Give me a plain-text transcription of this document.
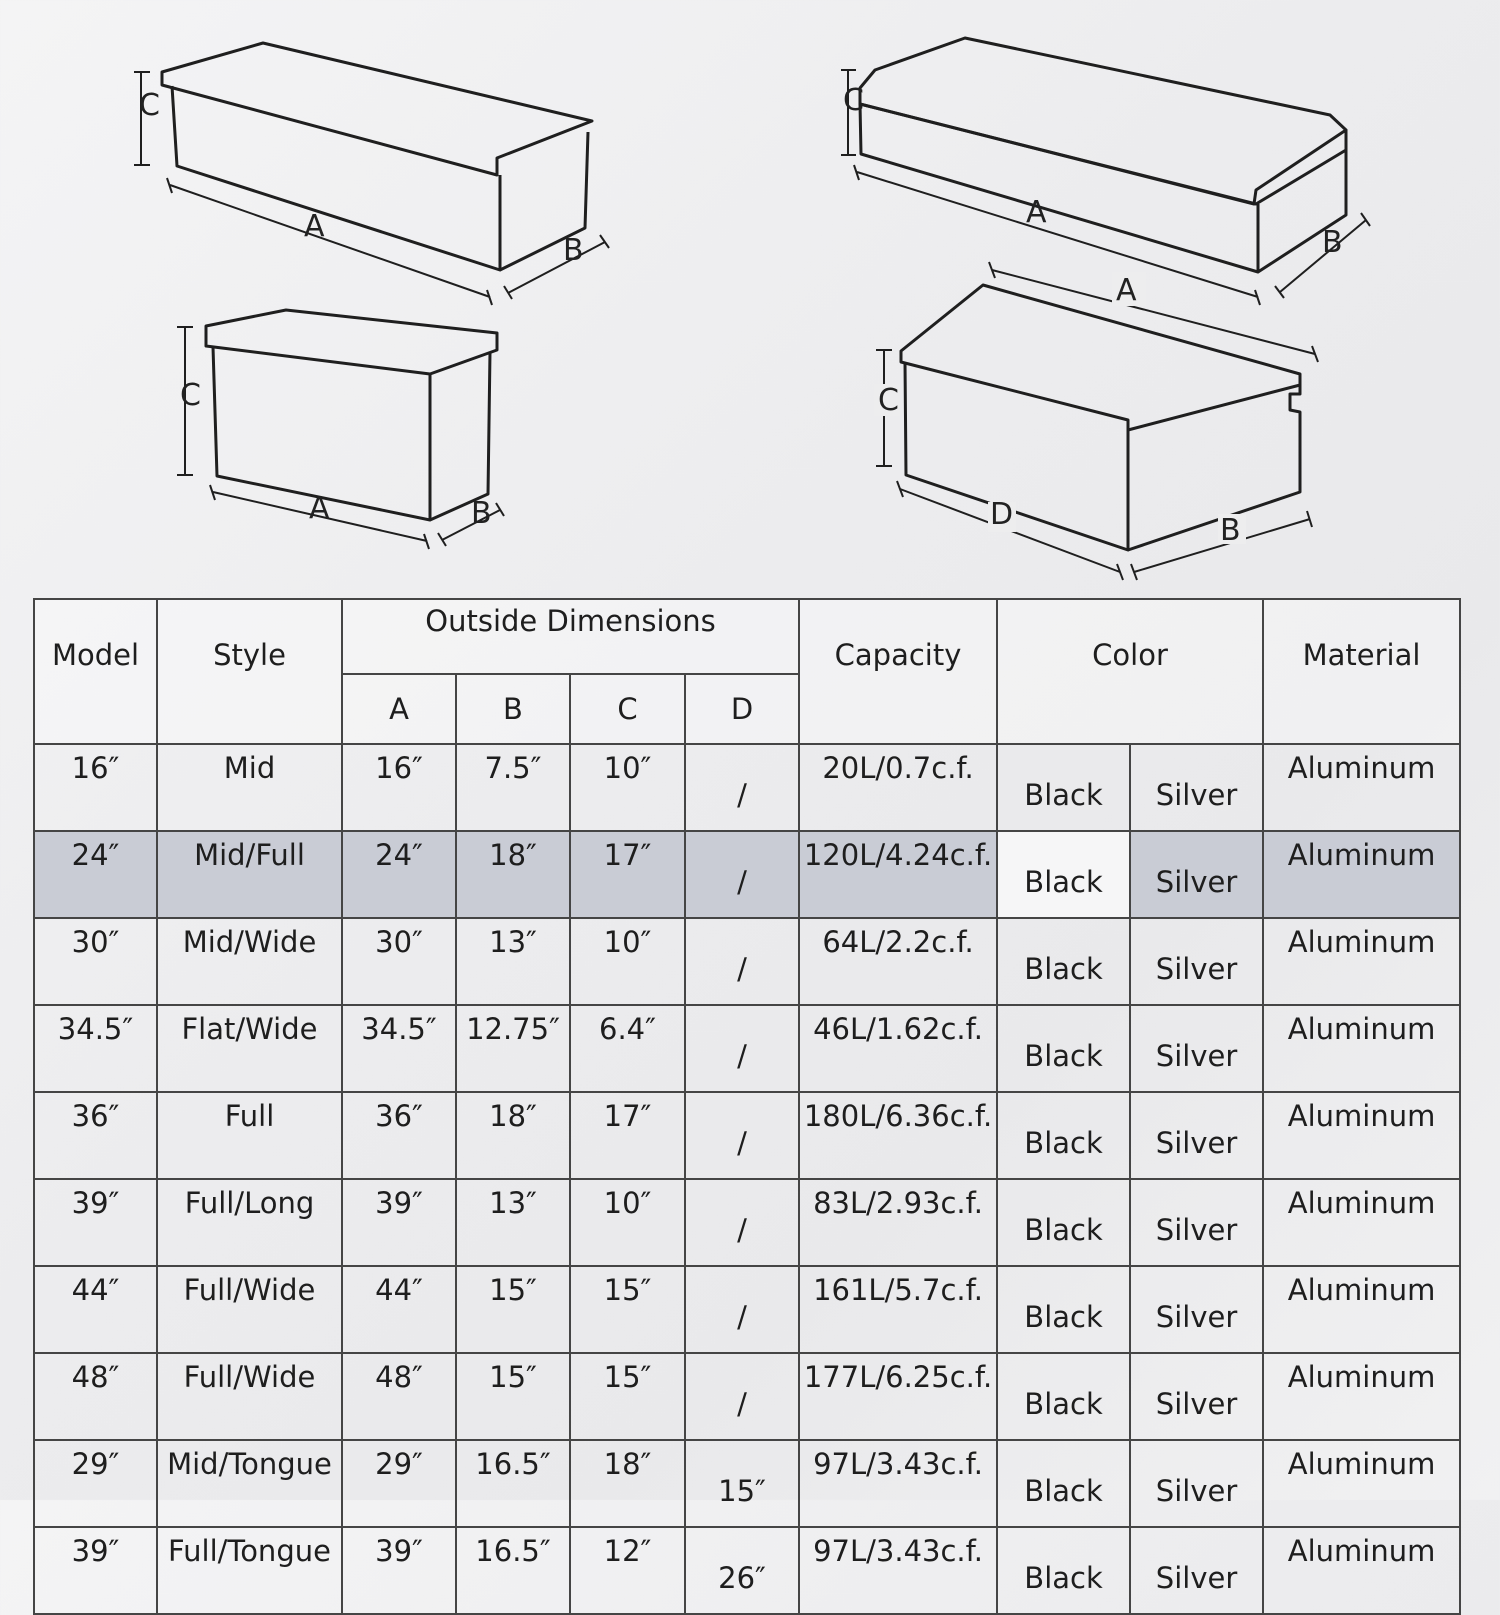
C
A
B
C
A	B
C
A
B
A
C
D	B
Model	Style	Outside Dimensions				Capacity	Color		Material
		A	B	C	D				
16″	Mid	16″	7.5″	10″	/	20L/0.7c.f.	Black	Silver	Aluminum
24″	Mid/Full	24″	18″	17″	/	120L/4.24c.f.	Black	Silver	Aluminum
30″	Mid/Wide	30″	13″	10″	/	64L/2.2c.f.	Black	Silver	Aluminum
34.5″	Flat/Wide	34.5″	12.75″	6.4″	/	46L/1.62c.f.	Black	Silver	Aluminum
36″	Full	36″	18″	17″	/	180L/6.36c.f.	Black	Silver	Aluminum
39″	Full/Long	39″	13″	10″	/	83L/2.93c.f.	Black	Silver	Aluminum
44″	Full/Wide	44″	15″	15″	/	161L/5.7c.f.	Black	Silver	Aluminum
48″	Full/Wide	48″	15″	15″	/	177L/6.25c.f.	Black	Silver	Aluminum
29″	Mid/Tongue	29″	16.5″	18″	15″	97L/3.43c.f.	Black	Silver	Aluminum
39″	Full/Tongue	39″	16.5″	12″	26″	97L/3.43c.f.	Black	Silver	Aluminum
